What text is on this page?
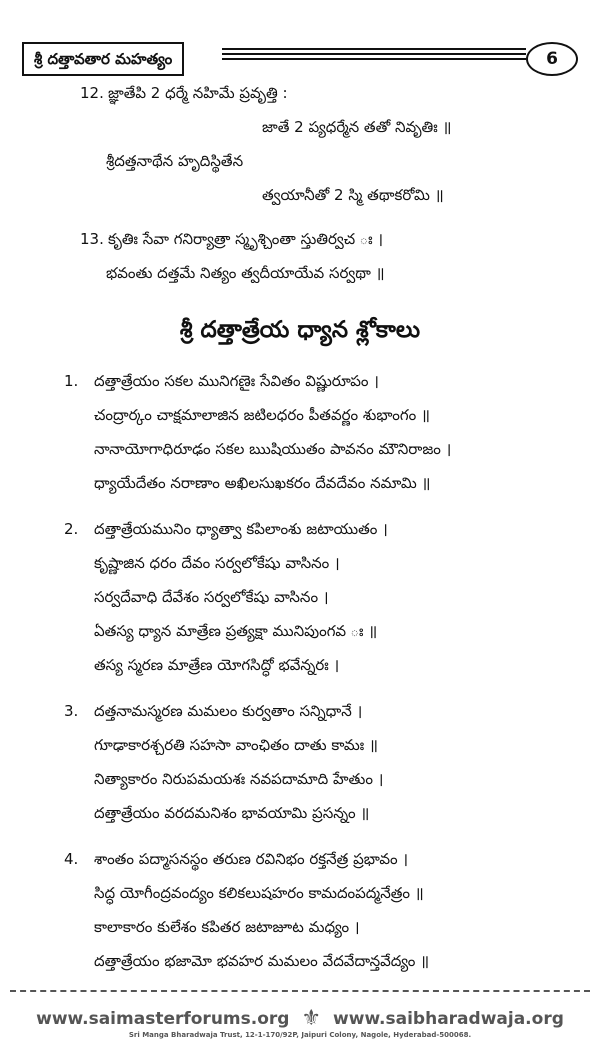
శ్రీ దత్తావతార మహత్యం	6
12. జ్ఞాతేపి 2 ధర్మే నహిమే ప్రవృత్తి :
జాతే 2 ప్యధర్మేన తతో నివృతిః ॥
శ్రీదత్తనాథేన హృదిస్థితేన
త్వయానీతో 2 స్మి తథాకరోమి ॥
13. కృతిః సేవా గనిర్యాత్రా స్మృశ్చింతా స్తుతిర్వచ ః ।
భవంతు దత్తమే నిత్యం త్వదీయాయేవ సర్వథా ॥
శ్రీ దత్తాత్రేయ ధ్యాన శ్లోకాలు
1. దత్తాత్రేయం సకల మునిగణైః సేవితం విష్ణురూపం ।
చంద్రార్కం చాక్షమాలాజిన జటిలధరం పీతవర్ణం శుభాంగం ॥
నానాయోగాధిరూఢం సకల ఋషియుతం పావనం మౌనిరాజం ।
ధ్యాయేదేతం నరాణాం అఖిలసుఖకరం దేవదేవం నమామి ॥
2. దత్తాత్రేయమునిం ధ్యాత్వా కపిలాంశు జటాయుతం ।
కృష్ణాజిన ధరం దేవం సర్వలోకేషు వాసినం ।
సర్వదేవాధి దేవేశం సర్వలోకేషు వాసినం ।
ఏతస్య ధ్యాన మాత్రేణ ప్రత్యక్షా మునిపుంగవ ః ॥
తస్య స్మరణ మాత్రేణ యోగసిద్ధో భవేన్నరః ।
3. దత్తనామస్మరణ మమలం కుర్వతాం సన్నిధానే ।
గూఢాకారశ్చరతి సహసా వాంఛితం దాతు కామః ॥
నిత్యాకారం నిరుపమయశః నవపదామాది హేతుం ।
దత్తాత్రేయం వరదమనిశం భావయామి ప్రసన్నం ॥
4. శాంతం పద్మాసనస్థం తరుణ రవినిభం రక్తనేత్ర ప్రభావం ।
సిద్ధ యోగీంద్రవంద్యం కలికలుషహరం కామదంపద్మనేత్రం ॥
కాలాకారం కులేశం కపితర జటాజూట మధ్యం ।
దత్తాత్రేయం భజామో భవహర మమలం వేదవేదాన్తవేద్యం ॥
www.saimasterforums.org ⚜ www.saibharadwaja.org
Sri Manga Bharadwaja Trust, 12-1-170/92P, Jaipuri Colony, Nagole, Hyderabad-500068.
